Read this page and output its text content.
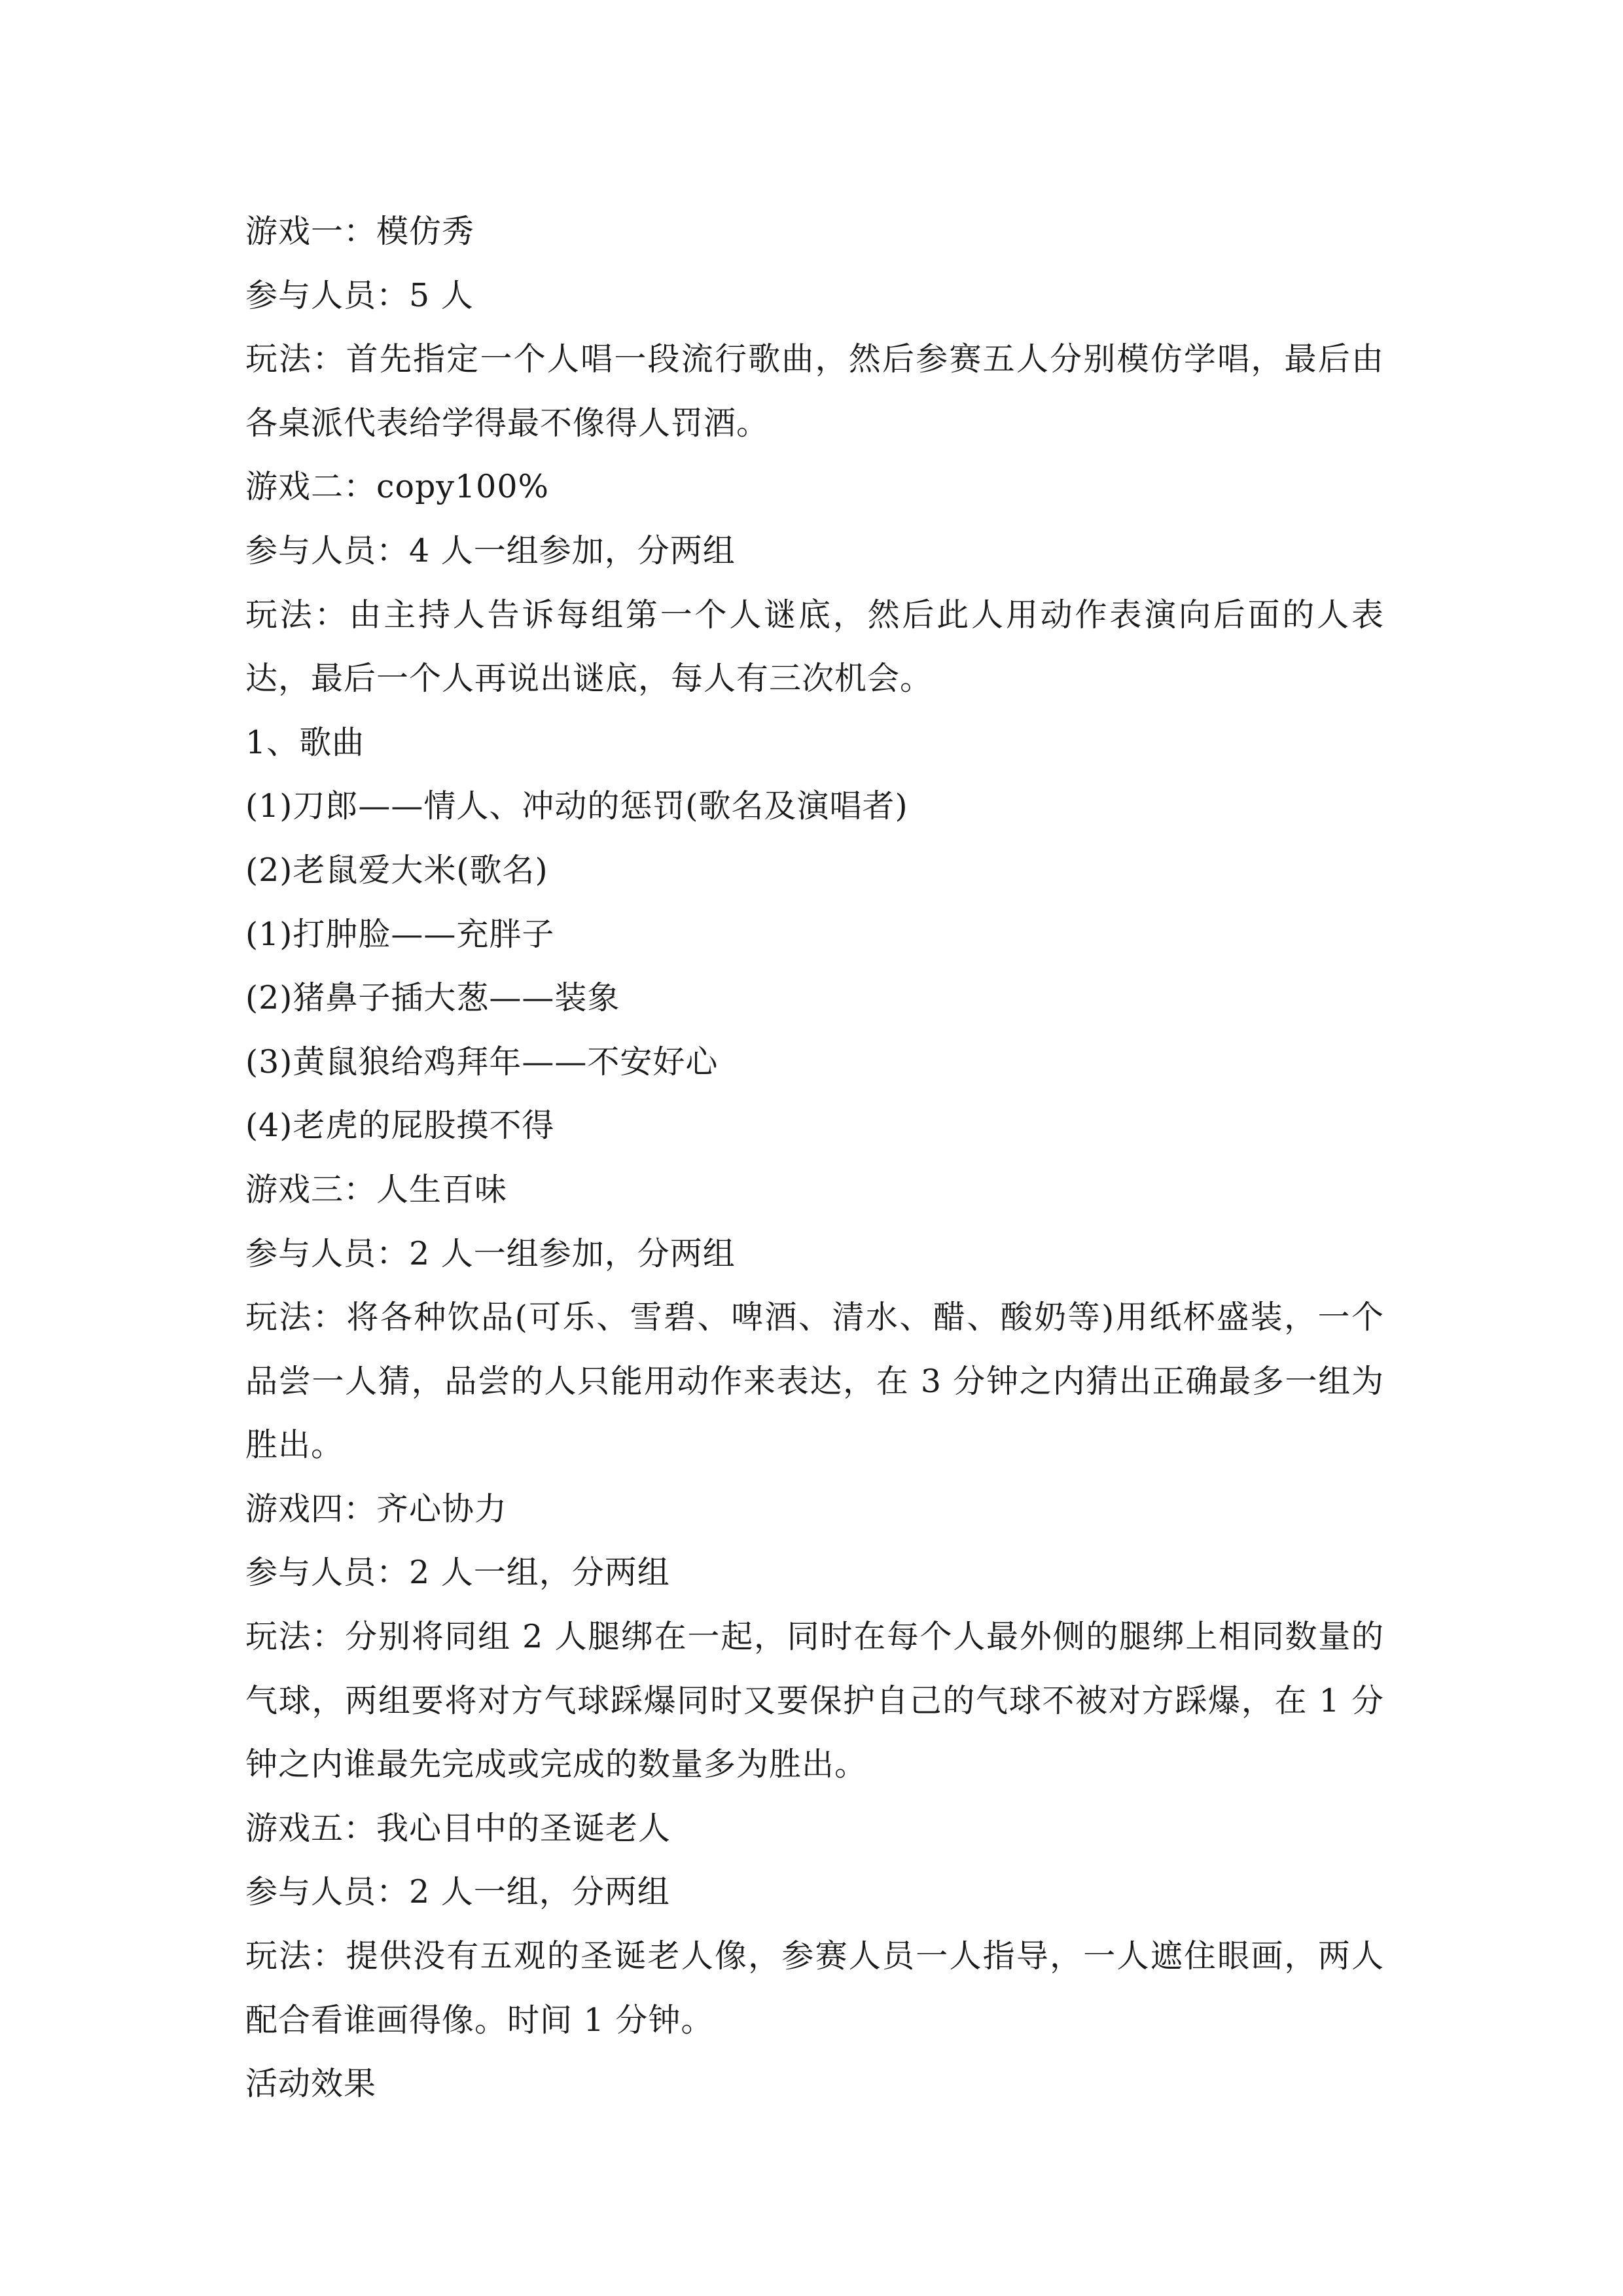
游戏一：模仿秀
参与人员：5 人
玩法：首先指定一个人唱一段流行歌曲，然后参赛五人分别模仿学唱，最后由各桌派代表给学得最不像得人罚酒。
游戏二：copy100%
参与人员：4 人一组参加，分两组
玩法：由主持人告诉每组第一个人谜底，然后此人用动作表演向后面的人表达，最后一个人再说出谜底，每人有三次机会。
1、歌曲
(1)刀郎——情人、冲动的惩罚(歌名及演唱者)
(2)老鼠爱大米(歌名)
(1)打肿脸——充胖子
(2)猪鼻子插大葱——装象
(3)黄鼠狼给鸡拜年——不安好心
(4)老虎的屁股摸不得
游戏三：人生百味
参与人员：2 人一组参加，分两组
玩法：将各种饮品(可乐、雪碧、啤酒、清水、醋、酸奶等)用纸杯盛装，一个品尝一人猜，品尝的人只能用动作来表达，在 3 分钟之内猜出正确最多一组为胜出。
游戏四：齐心协力
参与人员：2 人一组，分两组
玩法：分别将同组 2 人腿绑在一起，同时在每个人最外侧的腿绑上相同数量的气球，两组要将对方气球踩爆同时又要保护自己的气球不被对方踩爆，在 1 分钟之内谁最先完成或完成的数量多为胜出。
游戏五：我心目中的圣诞老人
参与人员：2 人一组，分两组
玩法：提供没有五观的圣诞老人像，参赛人员一人指导，一人遮住眼画，两人配合看谁画得像。时间 1 分钟。
活动效果
